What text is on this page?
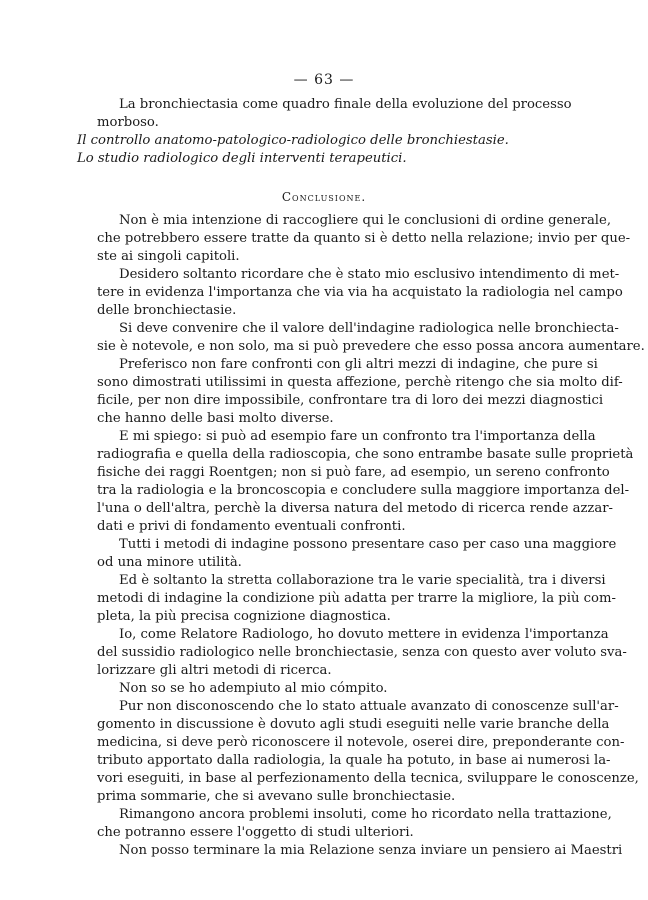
— 63 —
La bronchiectasia come quadro finale della evoluzione del processo
morboso.
Il controllo anatomo-patologico-radiologico delle bronchiestasie.
Lo studio radiologico degli interventi terapeutici.
Conclusione.
Non è mia intenzione di raccogliere qui le conclusioni di ordine generale,
che potrebbero essere tratte da quanto si è detto nella relazione; invio per que-
ste ai singoli capitoli.
Desidero soltanto ricordare che è stato mio esclusivo intendimento di met-
tere in evidenza l'importanza che via via ha acquistato la radiologia nel campo
delle bronchiectasie.
Si deve convenire che il valore dell'indagine radiologica nelle bronchiecta-
sie è notevole, e non solo, ma si può prevedere che esso possa ancora aumentare.
Preferisco non fare confronti con gli altri mezzi di indagine, che pure si
sono dimostrati utilissimi in questa affezione, perchè ritengo che sia molto dif-
ficile, per non dire impossibile, confrontare tra di loro dei mezzi diagnostici
che hanno delle basi molto diverse.
E mi spiego: si può ad esempio fare un confronto tra l'importanza della
radiografia e quella della radioscopia, che sono entrambe basate sulle proprietà
fisiche dei raggi Roentgen; non si può fare, ad esempio, un sereno confronto
tra la radiologia e la broncoscopia e concludere sulla maggiore importanza del-
l'una o dell'altra, perchè la diversa natura del metodo di ricerca rende azzar-
dati e privi di fondamento eventuali confronti.
Tutti i metodi di indagine possono presentare caso per caso una maggiore
od una minore utilità.
Ed è soltanto la stretta collaborazione tra le varie specialità, tra i diversi
metodi di indagine la condizione più adatta per trarre la migliore, la più com-
pleta, la più precisa cognizione diagnostica.
Io, come Relatore Radiologo, ho dovuto mettere in evidenza l'importanza
del sussidio radiologico nelle bronchiectasie, senza con questo aver voluto sva-
lorizzare gli altri metodi di ricerca.
Non so se ho adempiuto al mio cómpito.
Pur non disconoscendo che lo stato attuale avanzato di conoscenze sull'ar-
gomento in discussione è dovuto agli studi eseguiti nelle varie branche della
medicina, si deve però riconoscere il notevole, oserei dire, preponderante con-
tributo apportato dalla radiologia, la quale ha potuto, in base ai numerosi la-
vori eseguiti, in base al perfezionamento della tecnica, sviluppare le conoscenze,
prima sommarie, che si avevano sulle bronchiectasie.
Rimangono ancora problemi insoluti, come ho ricordato nella trattazione,
che potranno essere l'oggetto di studi ulteriori.
Non posso terminare la mia Relazione senza inviare un pensiero ai Maestri
